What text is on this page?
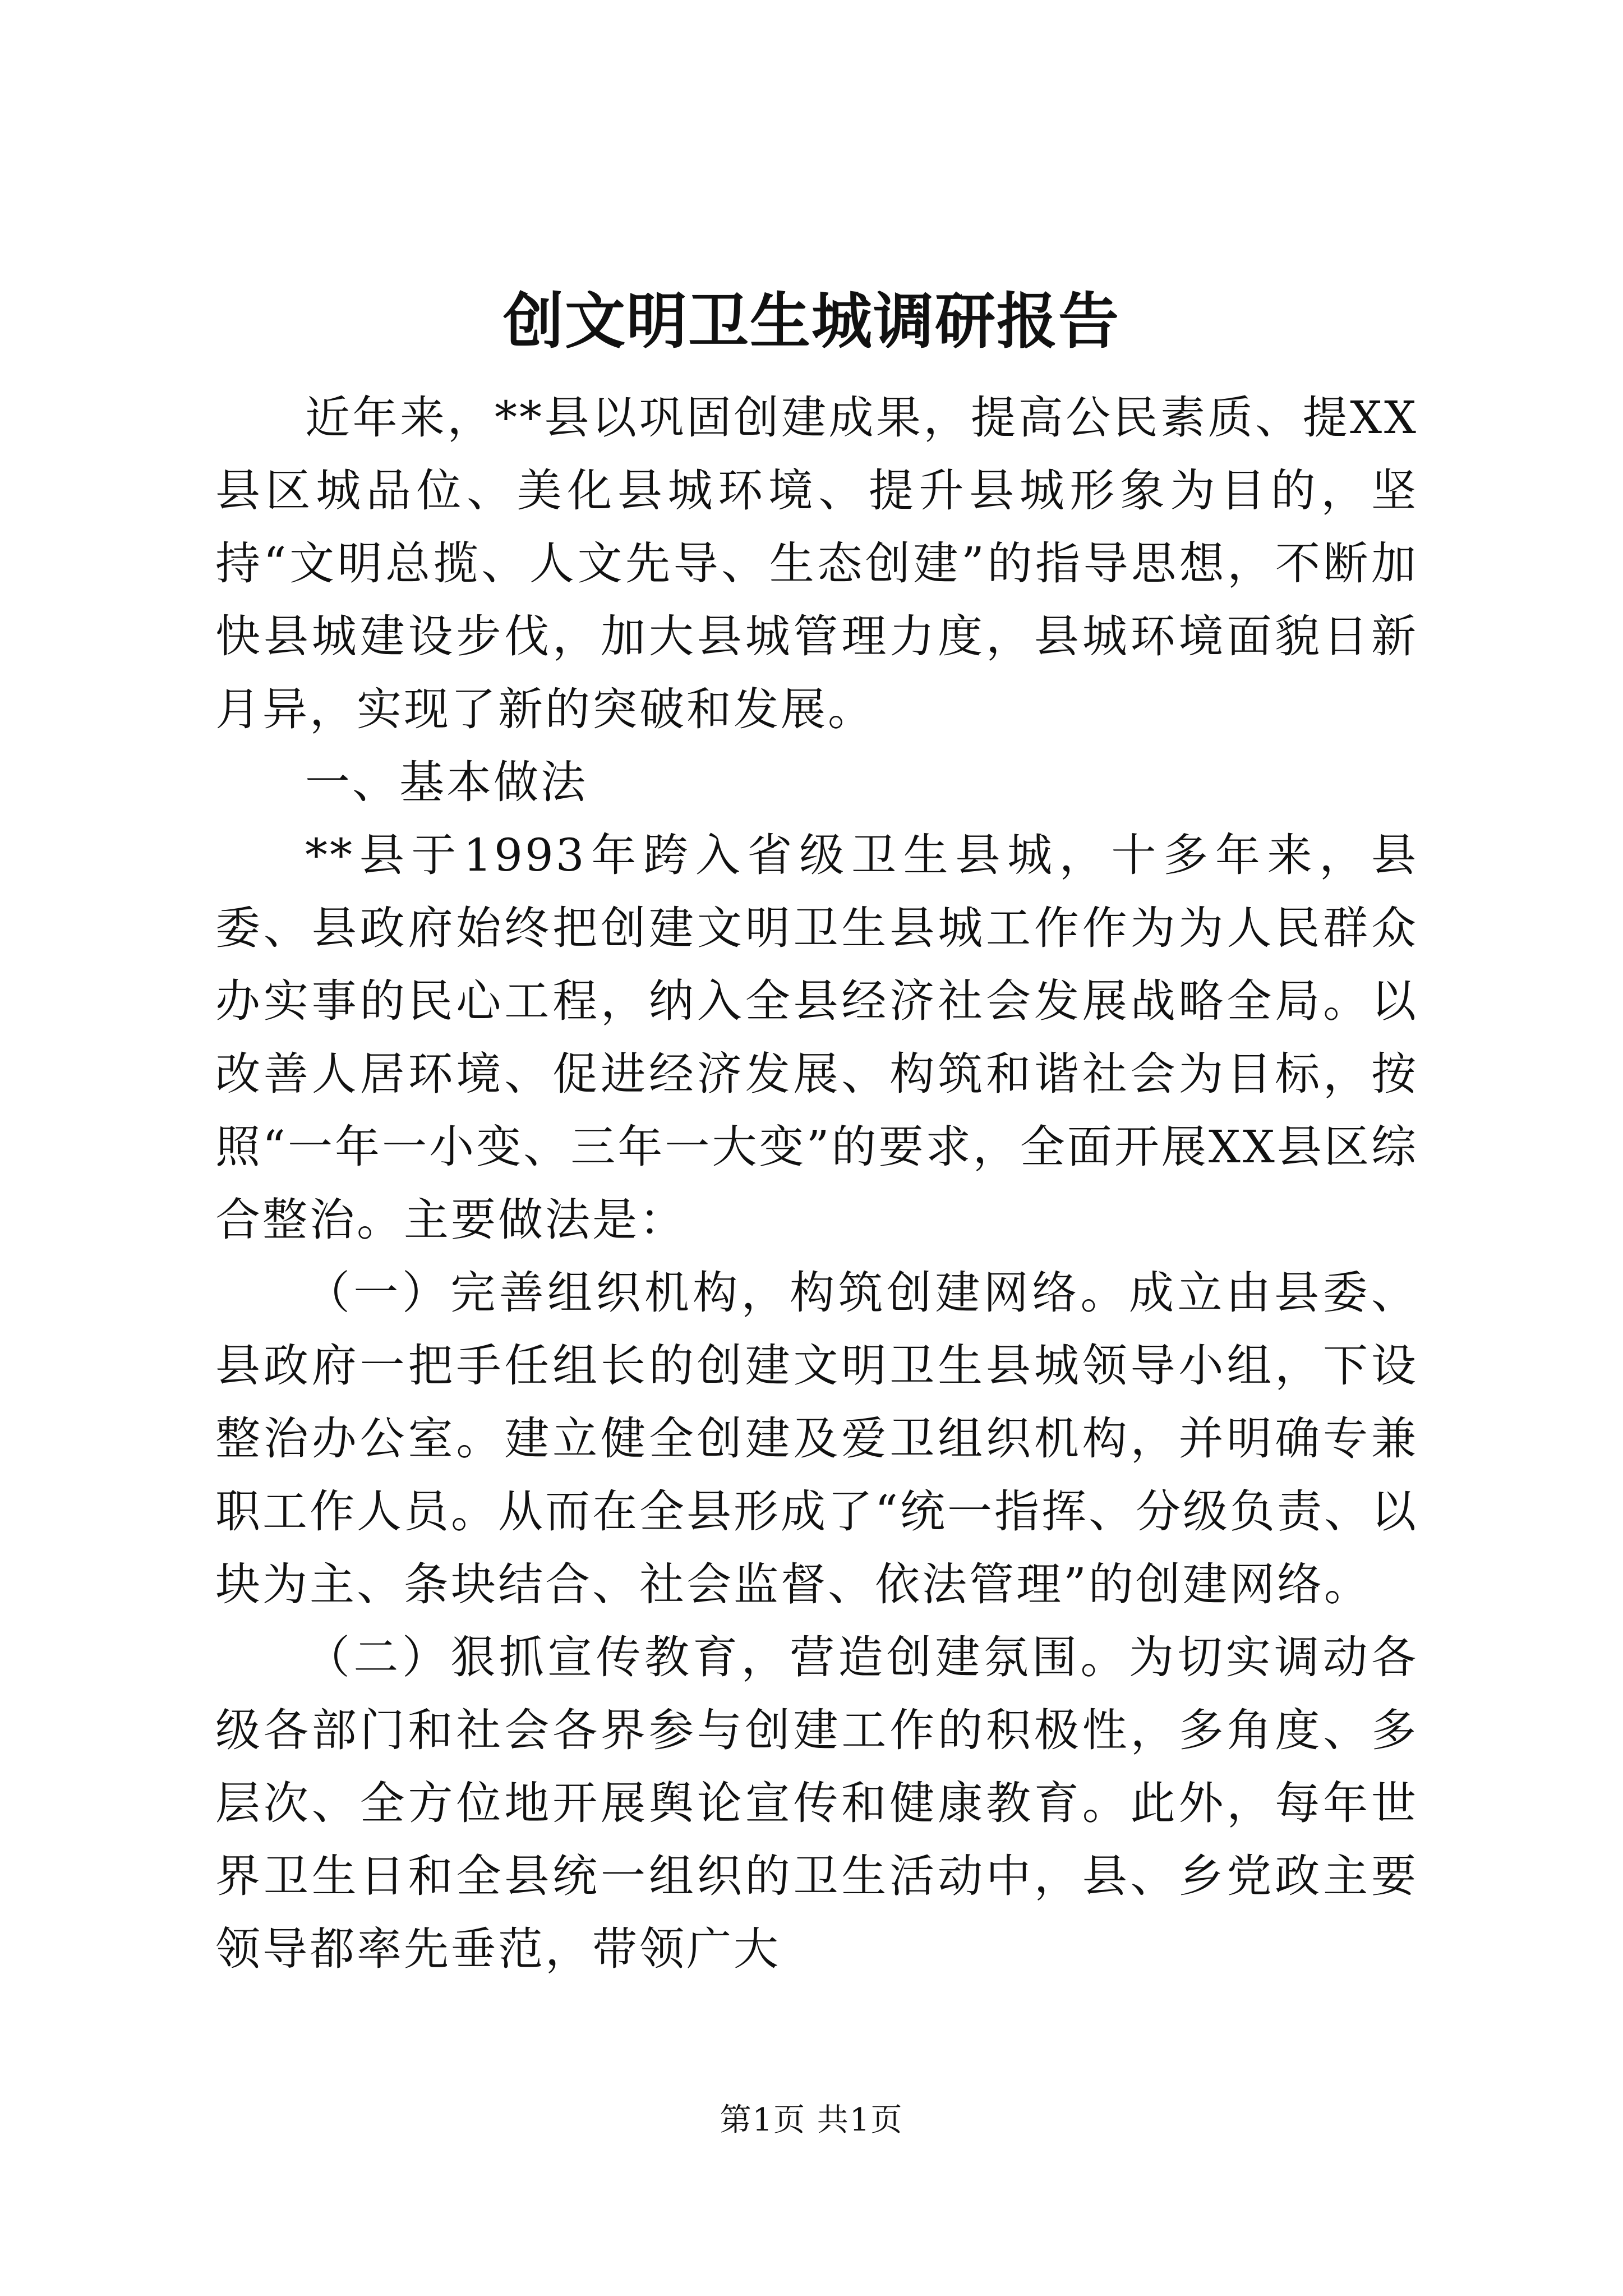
创文明卫生城调研报告

近年来，**县以巩固创建成果，提高公民素质、提XX县区城品位、美化县城环境、提升县城形象为目的，坚持“文明总揽、人文先导、生态创建”的指导思想，不断加快县城建设步伐，加大县城管理力度，县城环境面貌日新月异，实现了新的突破和发展。

一、基本做法

**县于1993年跨入省级卫生县城，十多年来，县委、县政府始终把创建文明卫生县城工作作为为人民群众办实事的民心工程，纳入全县经济社会发展战略全局。以改善人居环境、促进经济发展、构筑和谐社会为目标，按照“一年一小变、三年一大变”的要求，全面开展XX县区综合整治。主要做法是：

（一）完善组织机构，构筑创建网络。成立由县委、县政府一把手任组长的创建文明卫生县城领导小组，下设整治办公室。建立健全创建及爱卫组织机构，并明确专兼职工作人员。从而在全县形成了“统一指挥、分级负责、以块为主、条块结合、社会监督、依法管理”的创建网络。

（二）狠抓宣传教育，营造创建氛围。为切实调动各级各部门和社会各界参与创建工作的积极性，多角度、多层次、全方位地开展舆论宣传和健康教育。此外，每年世界卫生日和全县统一组织的卫生活动中，县、乡党政主要领导都率先垂范，带领广大

第1页 共1页
